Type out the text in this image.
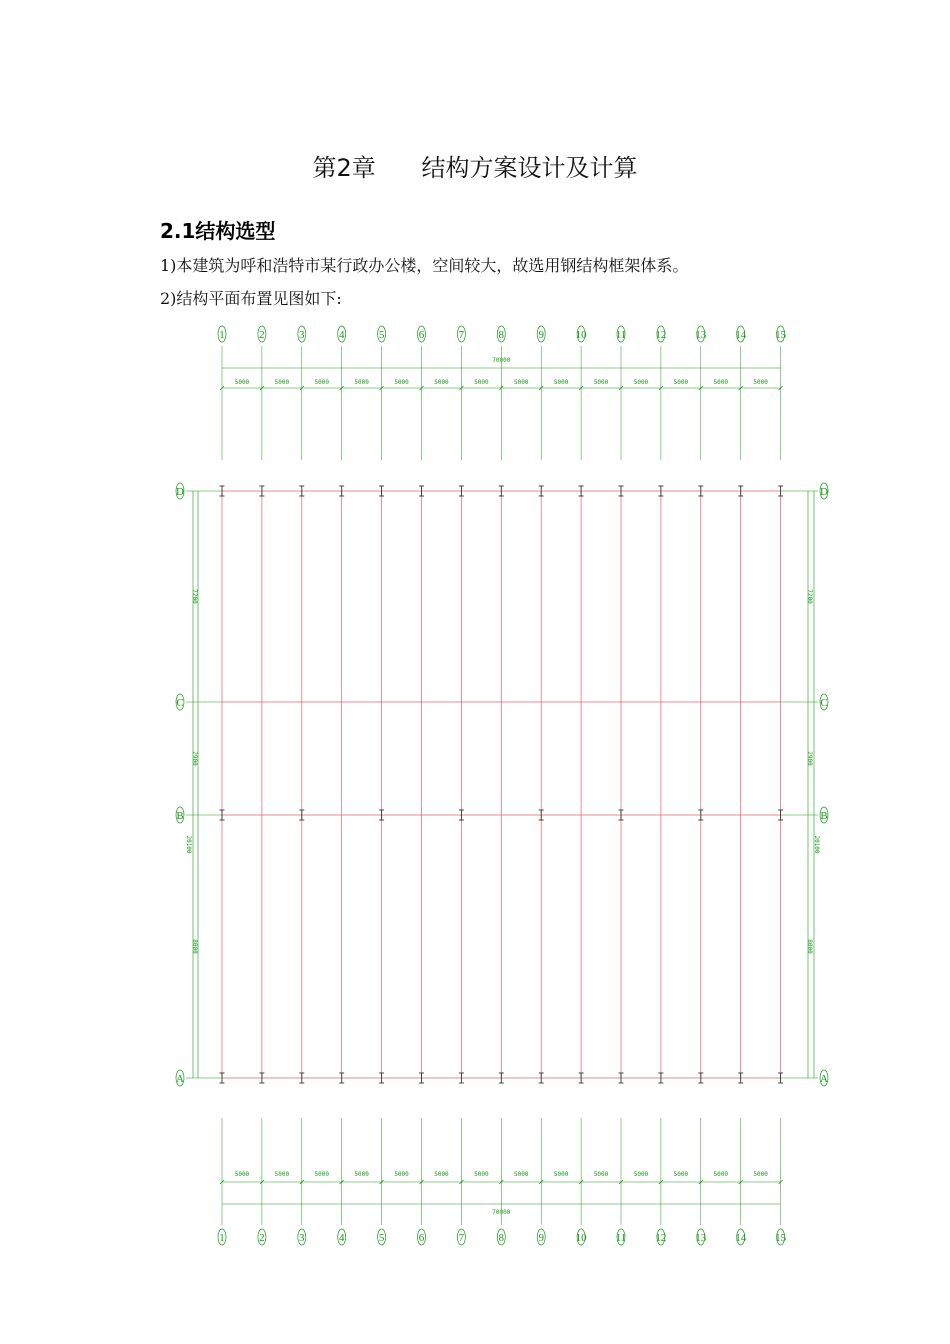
第2章 结构方案设计及计算
2.1结构选型
1)本建筑为呼和浩特市某行政办公楼，空间较大，故选用钢结构框架体系。
2)结构平面布置见图如下:
5000	5000	5000	5000	5000	5000	5000	5000	5000	5000	5000	5000	5000	5000
70000
5000	5000	5000	5000	5000	5000	5000	5000	5000	5000	5000	5000	5000	5000
70000
1
1
2
2
3
3
4
4
5
5
6
6
7
7
8
8
9
9
10
10
11
11
12
12
13
13
14
14
15
15
D
C
B
A
7200
2900
8000
20100
D
C
B
A
7200
2900
8000
20100
